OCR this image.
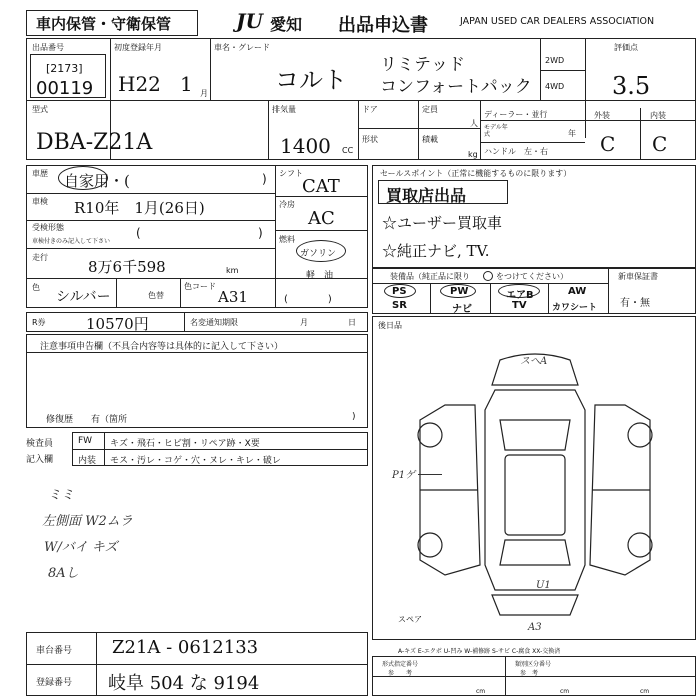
車内保管・守衛保管	JU 愛知 出品申込書	JAPAN USED CAR DEALERS ASSOCIATION
出品番号
[2173]
00119
初度登録年月
H22 1 月
車名・グレード
コルト
リミテッド
コンフォートパック
2WD
4WD
評価点
3.5
型式
DBA-Z21A
排気量
1400 CC
ドア	定員
人
形状	積載
kg
ディーラー・並行
モデル年式	年
ハンドル　左・右
外装	内装
C C
車歴 自家用・(	)
車検 R10年　1月(26日)
受検形態
車検付きのみ記入して下さい
(	)
走行
8万6千598	km
色
シルバー	色替
色コード
A31
シフト
CAT
冷房
AC
燃料
ガソリン
軽　油
(　　　　)
R券	10570円	名変通知期限	月	日
注意事項申告欄（不具合内容等は具体的に記入して下さい）
修復歴　　有（箇所	)
検査員
記入欄
FW キズ・飛石・ヒビ割・リペア跡・X要
内装 モス・汚レ・コゲ・穴・ヌレ・キレ・破レ
ミミ
左側面 W2ムラ
W/バイ キズ
8Aし
車台番号 Z21A - 0612133
登録番号 岐阜 504 な 9194
セールスポイント（正常に機能するものに限ります）
買取店出品
☆ユーザー買取車
☆純正ナビ, TV.
装備品（純正品に限り	をつけてください）	新車保証書
有・無
PS	PW	エアB	AW
SR	ナビ	TV	カワシート
後日品
スヘA
P1ゲ
U1
A3
スペア
A-キズ E-エクボ U-凹み W-補修跡 S-サビ C-腐食 XX-交換済
形式指定番号
参　　考
類別区分番号
参　考
cm	cm	cm
